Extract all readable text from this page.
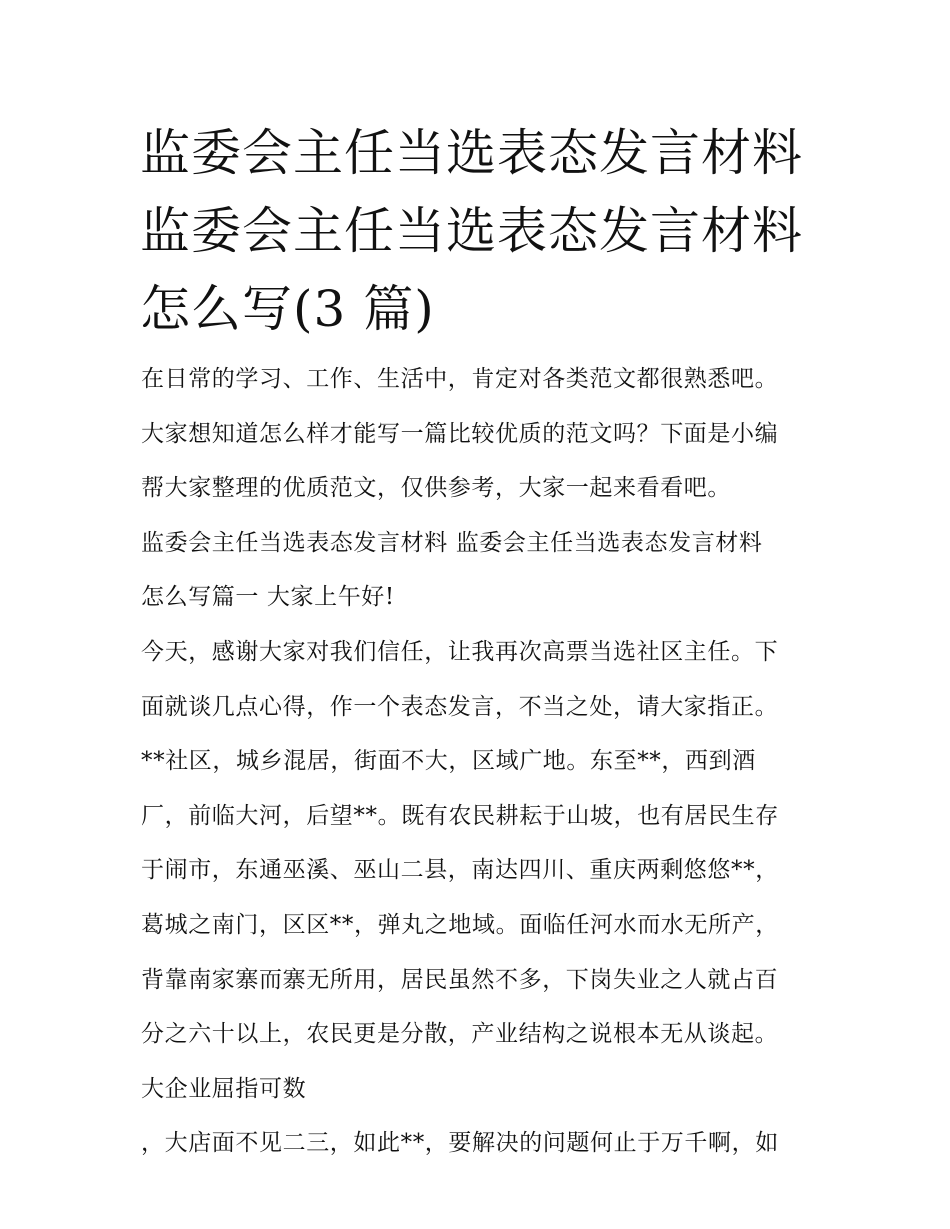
监委会主任当选表态发言材料
监委会主任当选表态发言材料
怎么写(3 篇)
在日常的学习、工作、生活中，肯定对各类范文都很熟悉吧。
大家想知道怎么样才能写一篇比较优质的范文吗？下面是小编
帮大家整理的优质范文，仅供参考，大家一起来看看吧。
监委会主任当选表态发言材料 监委会主任当选表态发言材料
怎么写篇一 大家上午好!
今天，感谢大家对我们信任，让我再次高票当选社区主任。下
面就谈几点心得，作一个表态发言，不当之处，请大家指正。
**社区，城乡混居，街面不大，区域广地。东至**，西到酒
厂，前临大河，后望**。既有农民耕耘于山坡，也有居民生存
于闹市，东通巫溪、巫山二县，南达四川、重庆两剩悠悠**，
葛城之南门，区区**，弹丸之地域。面临任河水而水无所产，
背靠南家寨而寨无所用，居民虽然不多，下岗失业之人就占百
分之六十以上，农民更是分散，产业结构之说根本无从谈起。
大企业屈指可数
，大店面不见二三，如此**，要解决的问题何止于万千啊，如
